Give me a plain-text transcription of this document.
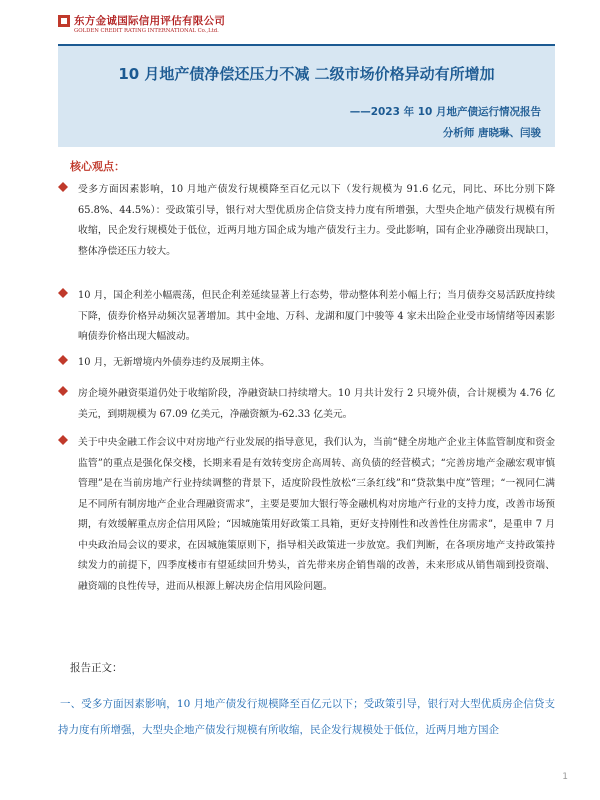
东方金诚国际信用评估有限公司
GOLDEN CREDIT RATING INTERNATIONAL Co.,Ltd.
10 月地产债净偿还压力不减 二级市场价格异动有所增加
——2023 年 10 月地产债运行情况报告
分析师 唐晓琳、闫骏
核心观点：
受多方面因素影响，10 月地产债发行规模降至百亿元以下（发行规模为 91.6 亿元，同比、环比分别下降 65.8%、44.5%）：受政策引导，银行对大型优质房企信贷支持力度有所增强，大型央企地产债发行规模有所收缩，民企发行规模处于低位，近两月地方国企成为地产债发行主力。受此影响，国有企业净融资出现缺口，整体净偿还压力较大。
10 月，国企利差小幅震荡，但民企利差延续显著上行态势，带动整体利差小幅上行；当月债券交易活跃度持续下降，债券价格异动频次显著增加。其中金地、万科、龙湖和厦门中骏等 4 家未出险企业受市场情绪等因素影响债券价格出现大幅波动。
10 月，无新增境内外债券违约及展期主体。
房企境外融资渠道仍处于收缩阶段，净融资缺口持续增大。10 月共计发行 2 只境外债，合计规模为 4.76 亿美元，到期规模为 67.09 亿美元，净融资额为-62.33 亿美元。
关于中央金融工作会议中对房地产行业发展的指导意见，我们认为，当前“健全房地产企业主体监管制度和资金监管”的重点是强化保交楼，长期来看是有效转变房企高周转、高负债的经营模式；“完善房地产金融宏观审慎管理”是在当前房地产行业持续调整的背景下，适度阶段性放松“三条红线”和“贷款集中度”管理；“一视同仁满足不同所有制房地产企业合理融资需求”，主要是要加大银行等金融机构对房地产行业的支持力度，改善市场预期，有效缓解重点房企信用风险；“因城施策用好政策工具箱，更好支持刚性和改善性住房需求”，是重申 7 月中央政治局会议的要求，在因城施策原则下，指导相关政策进一步放宽。我们判断，在各项房地产支持政策持续发力的前提下，四季度楼市有望延续回升势头，首先带来房企销售端的改善，未来形成从销售端到投资端、融资端的良性传导，进而从根源上解决房企信用风险问题。
报告正文：
一、受多方面因素影响，10 月地产债发行规模降至百亿元以下；受政策引导，银行对大型优质房企信贷支持力度有所增强，大型央企地产债发行规模有所收缩，民企发行规模处于低位，近两月地方国企
1
